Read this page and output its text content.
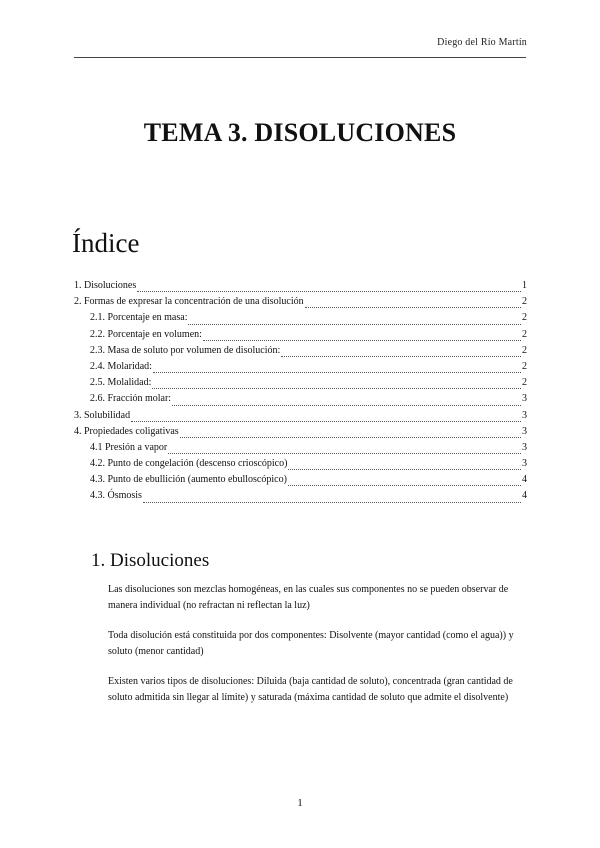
Diego del Río Martín
TEMA 3. DISOLUCIONES
Índice
1. Disoluciones	1
2. Formas de expresar la concentración de una disolución	2
2.1. Porcentaje en masa:	2
2.2. Porcentaje en volumen:	2
2.3. Masa de soluto por volumen de disolución:	2
2.4. Molaridad:	2
2.5. Molalidad:	2
2.6. Fracción molar:	3
3. Solubilidad	3
4. Propiedades coligativas	3
4.1 Presión a vapor	3
4.2. Punto de congelación (descenso crioscópico)	3
4.3. Punto de ebullición (aumento ebulloscópico)	4
4.3. Ósmosis	4
1. Disoluciones

Las disoluciones son mezclas homogéneas, en las cuales sus componentes no se pueden observar de manera individual (no refractan ni reflectan la luz)

Toda disolución está constituida por dos componentes: Disolvente (mayor cantidad (como el agua)) y soluto (menor cantidad)

Existen varios tipos de disoluciones: Diluida (baja cantidad de soluto), concentrada (gran cantidad de soluto admitida sin llegar al límite) y saturada (máxima cantidad de soluto que admite el disolvente)

1
